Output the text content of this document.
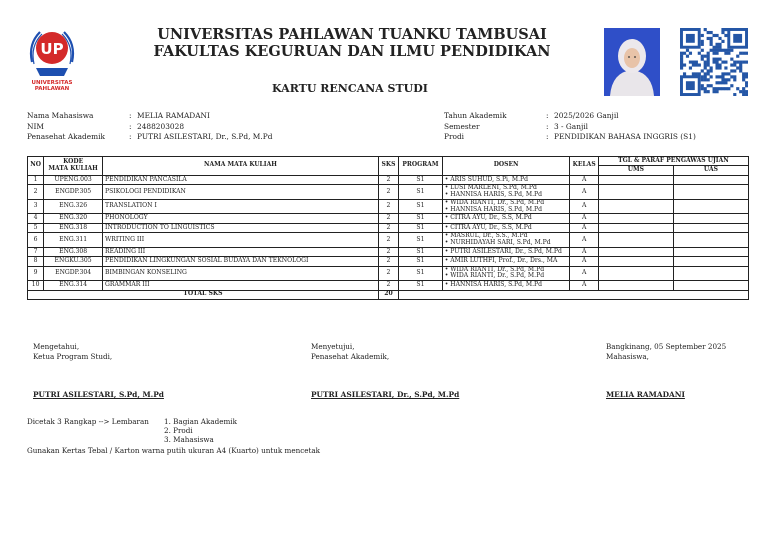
UP
UNIVERSITAS PAHLAWAN
UNIVERSITAS PAHLAWAN TUANKU TAMBUSAI
FAKULTAS KEGURUAN DAN ILMU PENDIDIKAN
KARTU RENCANA STUDI
Nama Mahasiswa	: MELIA RAMADANI
NIM	: 2488203028
Penasehat Akademik	: PUTRI ASILESTARI, Dr., S.Pd, M.Pd
Tahun Akademik	: 2025/2026 Ganjil
Semester	: 3 - Ganjil
Prodi	: PENDIDIKAN BAHASA INGGRIS (S1)
NO	KODE
MATA KULIAH	NAMA MATA KULIAH	SKS	PROGRAM	DOSEN	KELAS	TGL & PARAF PENGAWAS UJIAN	
							UMS	UAS
1	UPENG.003	PENDIDIKAN PANCASILA	2	S1	• ARIS SUHUD, S.Pi, M.Pd	A		
2	ENGDP.305	PSIKOLOGI PENDIDIKAN	2	S1	• LUSI MARLENI, S.Pd, M.Pd
• HANNISA HARIS, S.Pd, M.Pd	A		
3	ENG.326	TRANSLATION I	2	S1	• WIDA RIANTI, Dr., S.Pd, M.Pd
• HANNISA HARIS, S.Pd, M.Pd	A		
4	ENG.320	PHONOLOGY	2	S1	• CITRA AYU, Dr., S.S, M.Pd	A		
5	ENG.318	INTRODUCTION TO LINGUISTICS	2	S1	• CITRA AYU, Dr., S.S, M.Pd	A		
6	ENG.311	WRITING III	2	S1	• MASRUL, Dr., S.S., M.Pd
• NURHIDAYAH SARI, S.Pd, M.Pd	A		
7	ENG.308	READING III	2	S1	• PUTRI ASILESTARI, Dr., S.Pd, M.Pd	A		
8	ENGKU.305	PENDIDIKAN LINGKUNGAN SOSIAL BUDAYA DAN TEKNOLOGI	2	S1	• AMIR LUTHFI, Prof., Dr., Drs., MA	A		
9	ENGDP.304	BIMBINGAN KONSELING	2	S1	• WIDA RIANTI, Dr., S.Pd, M.Pd
• WIDA RIANTI, Dr., S.Pd, M.Pd	A		
10	ENG.314	GRAMMAR III	2	S1	• HANNISA HARIS, S.Pd, M.Pd	A		
TOTAL SKS			20					
Mengetahui,
Ketua Program Studi,
PUTRI ASILESTARI, S.Pd, M.Pd
Menyetujui,
Penasehat Akademik,
PUTRI ASILESTARI, Dr., S.Pd, M.Pd
Bangkinang, 05 September 2025
Mahasiswa,
MELIA RAMADANI
Dicetak 3 Rangkap --> Lembaran 1. Bagian Akademik
2. Prodi
3. Mahasiswa
Gunakan Kertas Tebal / Karton warna putih ukuran A4 (Kuarto) untuk mencetak
